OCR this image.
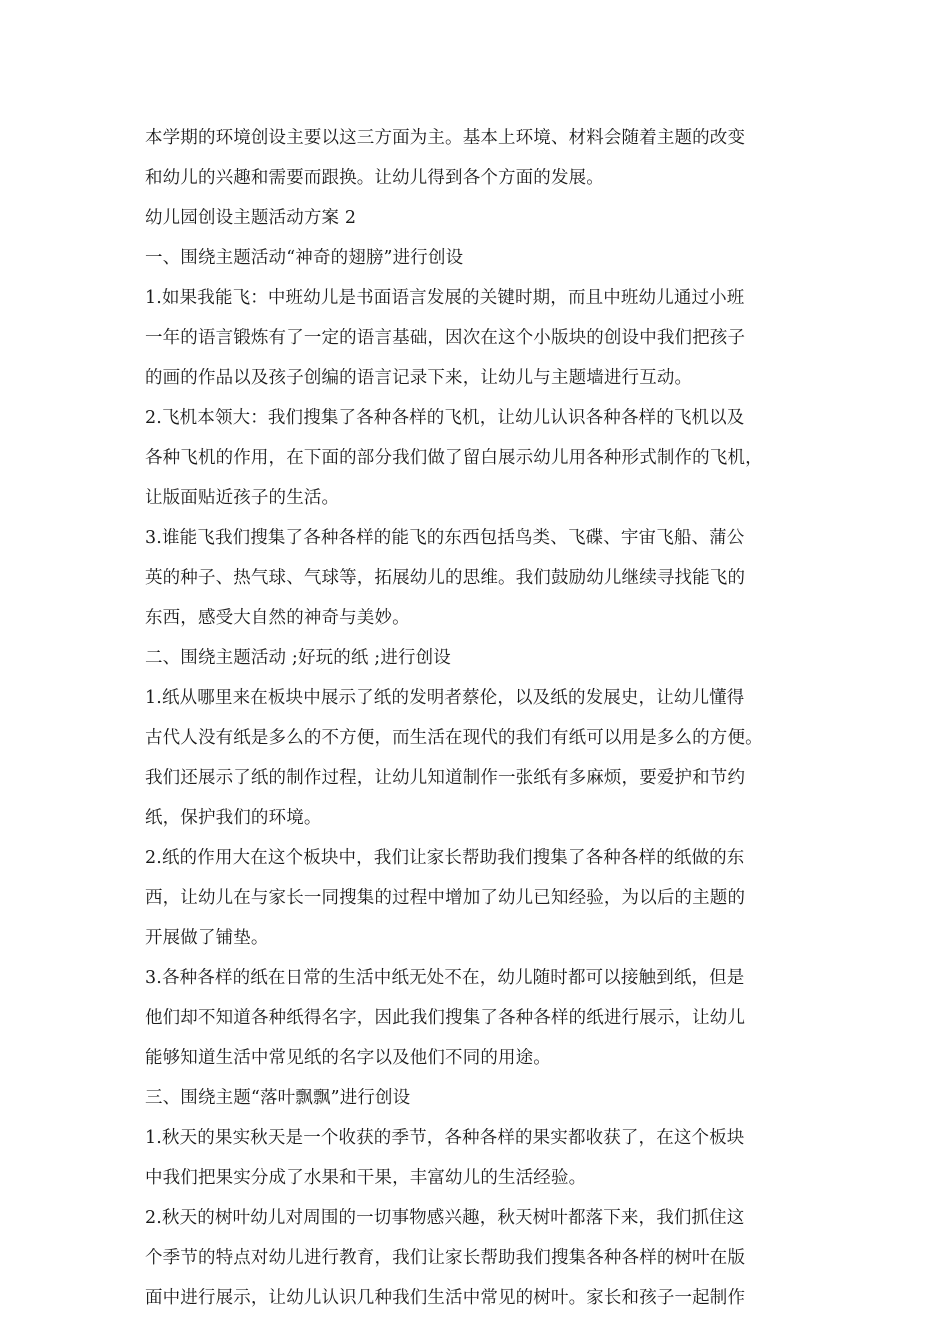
本学期的环境创设主要以这三方面为主。基本上环境、材料会随着主题的改变
和幼儿的兴趣和需要而跟换。让幼儿得到各个方面的发展。
幼儿园创设主题活动方案 2
一、围绕主题活动“神奇的翅膀”进行创设
1.如果我能飞：中班幼儿是书面语言发展的关键时期，而且中班幼儿通过小班
一年的语言锻炼有了一定的语言基础，因次在这个小版块的创设中我们把孩子
的画的作品以及孩子创编的语言记录下来，让幼儿与主题墙进行互动。
2.飞机本领大：我们搜集了各种各样的飞机，让幼儿认识各种各样的飞机以及
各种飞机的作用，在下面的部分我们做了留白展示幼儿用各种形式制作的飞机，
让版面贴近孩子的生活。
3.谁能飞我们搜集了各种各样的能飞的东西包括鸟类、飞碟、宇宙飞船、蒲公
英的种子、热气球、气球等，拓展幼儿的思维。我们鼓励幼儿继续寻找能飞的
东西，感受大自然的神奇与美妙。
二、围绕主题活动 ;好玩的纸 ;进行创设
1.纸从哪里来在板块中展示了纸的发明者蔡伦，以及纸的发展史，让幼儿懂得
古代人没有纸是多么的不方便，而生活在现代的我们有纸可以用是多么的方便。
我们还展示了纸的制作过程，让幼儿知道制作一张纸有多麻烦，要爱护和节约
纸，保护我们的环境。
2.纸的作用大在这个板块中，我们让家长帮助我们搜集了各种各样的纸做的东
西，让幼儿在与家长一同搜集的过程中增加了幼儿已知经验，为以后的主题的
开展做了铺垫。
3.各种各样的纸在日常的生活中纸无处不在，幼儿随时都可以接触到纸，但是
他们却不知道各种纸得名字，因此我们搜集了各种各样的纸进行展示，让幼儿
能够知道生活中常见纸的名字以及他们不同的用途。
三、围绕主题“落叶飘飘”进行创设
1.秋天的果实秋天是一个收获的季节，各种各样的果实都收获了，在这个板块
中我们把果实分成了水果和干果，丰富幼儿的生活经验。
2.秋天的树叶幼儿对周围的一切事物感兴趣，秋天树叶都落下来，我们抓住这
个季节的特点对幼儿进行教育，我们让家长帮助我们搜集各种各样的树叶在版
面中进行展示，让幼儿认识几种我们生活中常见的树叶。家长和孩子一起制作
